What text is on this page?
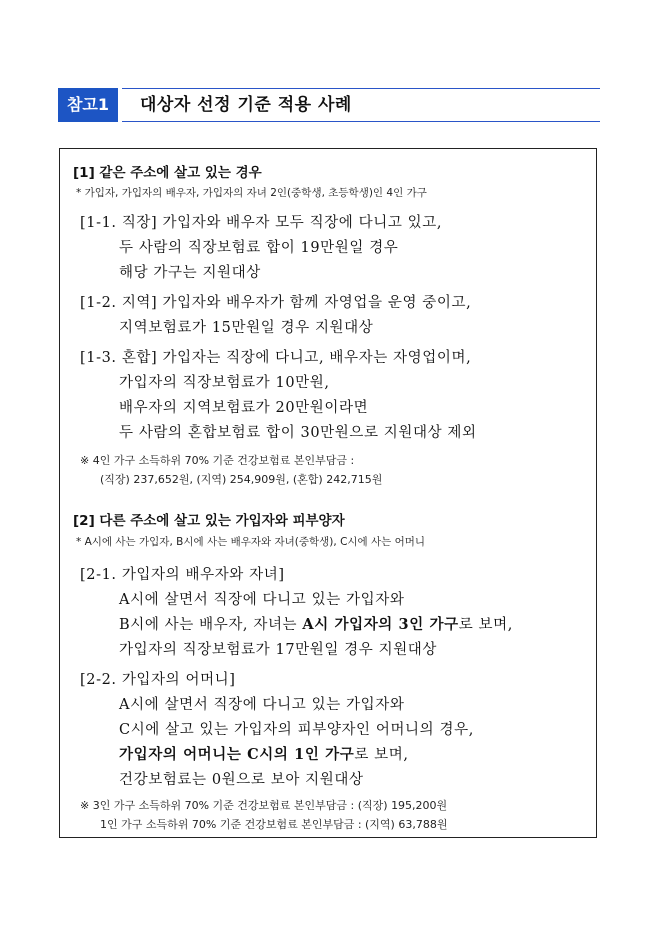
참고1	대상자 선정 기준 적용 사례
[1] 같은 주소에 살고 있는 경우
* 가입자, 가입자의 배우자, 가입자의 자녀 2인(중학생, 초등학생)인 4인 가구
[1-1. 직장] 가입자와 배우자 모두 직장에 다니고 있고,
두 사람의 직장보험료 합이 19만원일 경우
해당 가구는 지원대상
[1-2. 지역] 가입자와 배우자가 함께 자영업을 운영 중이고,
지역보험료가 15만원일 경우 지원대상
[1-3. 혼합] 가입자는 직장에 다니고, 배우자는 자영업이며,
가입자의 직장보험료가 10만원,
배우자의 지역보험료가 20만원이라면
두 사람의 혼합보험료 합이 30만원으로 지원대상 제외
※ 4인 가구 소득하위 70% 기준 건강보험료 본인부담금 :
(직장) 237,652원, (지역) 254,909원, (혼합) 242,715원
[2] 다른 주소에 살고 있는 가입자와 피부양자
* A시에 사는 가입자, B시에 사는 배우자와 자녀(중학생), C시에 사는 어머니
[2-1. 가입자의 배우자와 자녀]
A시에 살면서 직장에 다니고 있는 가입자와
B시에 사는 배우자, 자녀는 A시 가입자의 3인 가구로 보며,
가입자의 직장보험료가 17만원일 경우 지원대상
[2-2. 가입자의 어머니]
A시에 살면서 직장에 다니고 있는 가입자와
C시에 살고 있는 가입자의 피부양자인 어머니의 경우,
가입자의 어머니는 C시의 1인 가구로 보며,
건강보험료는 0원으로 보아 지원대상
※ 3인 가구 소득하위 70% 기준 건강보험료 본인부담금 : (직장) 195,200원
1인 가구 소득하위 70% 기준 건강보험료 본인부담금 : (지역) 63,788원
